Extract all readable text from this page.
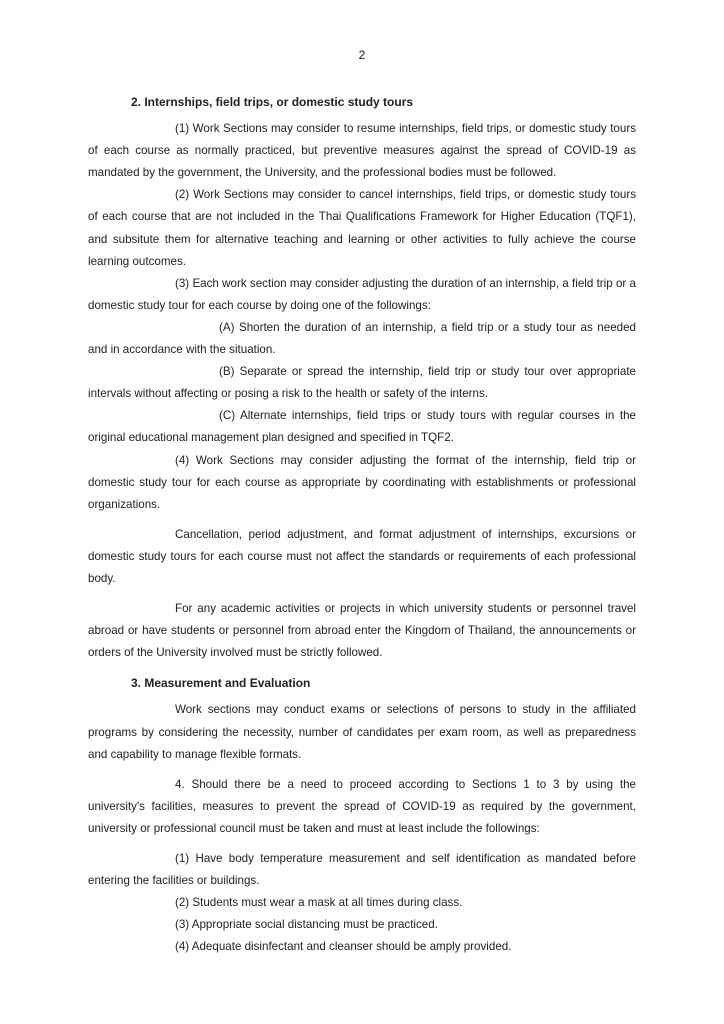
2

2. Internships, field trips, or domestic study tours

(1) Work Sections may consider to resume internships, field trips, or domestic study tours of each course as normally practiced, but preventive measures against the spread of COVID-19 as mandated by the government, the University, and the professional bodies must be followed.

(2) Work Sections may consider to cancel internships, field trips, or domestic study tours of each course that are not included in the Thai Qualifications Framework for Higher Education (TQF1), and subsitute them for alternative teaching and learning or other activities to fully achieve the course learning outcomes.

(3) Each work section may consider adjusting the duration of an internship, a field trip or a domestic study tour for each course by doing one of the followings:

(A) Shorten the duration of an internship, a field trip or a study tour as needed and in accordance with the situation.

(B) Separate or spread the internship, field trip or study tour over appropriate intervals without affecting or posing a risk to the health or safety of the interns.

(C) Alternate internships, field trips or study tours with regular courses in the original educational management plan designed and specified in TQF2.

(4) Work Sections may consider adjusting the format of the internship, field trip or domestic study tour for each course as appropriate by coordinating with establishments or professional organizations.

Cancellation, period adjustment, and format adjustment of internships, excursions or domestic study tours for each course must not affect the standards or requirements of each professional body.

For any academic activities or projects in which university students or personnel travel abroad or have students or personnel from abroad enter the Kingdom of Thailand, the announcements or orders of the University involved must be strictly followed.

3. Measurement and Evaluation

Work sections may conduct exams or selections of persons to study in the affiliated programs by considering the necessity, number of candidates per exam room, as well as preparedness and capability to manage flexible formats.

4. Should there be a need to proceed according to Sections 1 to 3 by using the university's facilities, measures to prevent the spread of COVID-19 as required by the government, university or professional council must be taken and must at least include the followings:

(1) Have body temperature measurement and self identification as mandated before entering the facilities or buildings.

(2) Students must wear a mask at all times during class.

(3) Appropriate social distancing must be practiced.

(4) Adequate disinfectant and cleanser should be amply provided.
